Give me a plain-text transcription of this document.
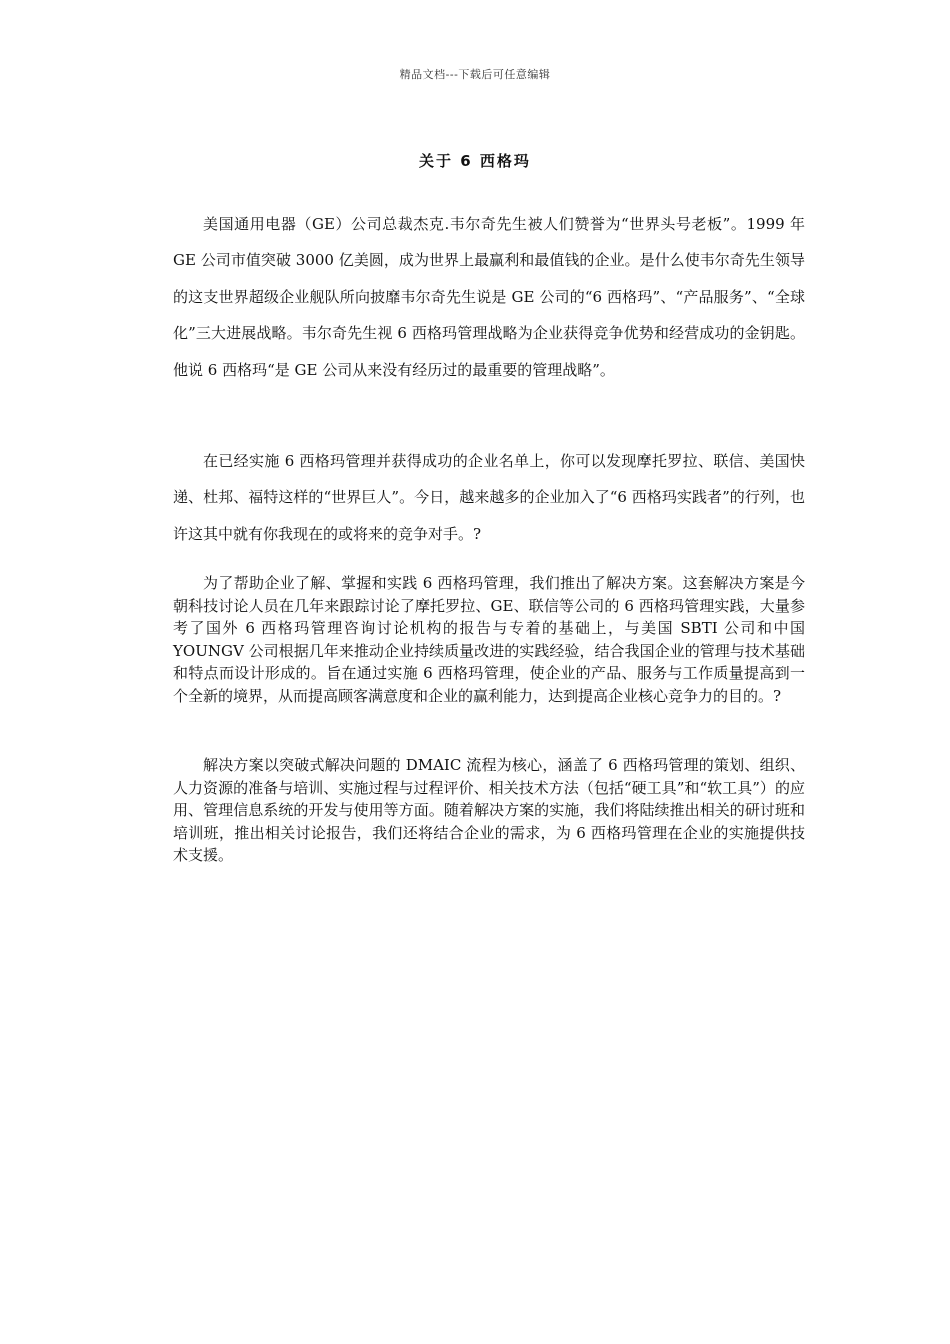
精品文档---下载后可任意编辑
关于 6 西格玛

美国通用电器（GE）公司总裁杰克.韦尔奇先生被人们赞誉为“世界头号老板”。1999 年 GE 公司市值突破 3000 亿美圆，成为世界上最赢利和最值钱的企业。是什么使韦尔奇先生领导的这支世界超级企业舰队所向披靡韦尔奇先生说是 GE 公司的“6 西格玛”、“产品服务”、“全球化”三大进展战略。韦尔奇先生视 6 西格玛管理战略为企业获得竞争优势和经营成功的金钥匙。他说 6 西格玛“是 GE 公司从来没有经历过的最重要的管理战略”。

在已经实施 6 西格玛管理并获得成功的企业名单上，你可以发现摩托罗拉、联信、美国快递、杜邦、福特这样的“世界巨人”。今日，越来越多的企业加入了“6 西格玛实践者”的行列，也许这其中就有你我现在的或将来的竞争对手。?

为了帮助企业了解、掌握和实践 6 西格玛管理，我们推出了解决方案。这套解决方案是今朝科技讨论人员在几年来跟踪讨论了摩托罗拉、GE、联信等公司的 6 西格玛管理实践，大量参考了国外 6 西格玛管理咨询讨论机构的报告与专着的基础上，与美国 SBTI 公司和中国 YOUNGV 公司根据几年来推动企业持续质量改进的实践经验，结合我国企业的管理与技术基础和特点而设计形成的。旨在通过实施 6 西格玛管理，使企业的产品、服务与工作质量提高到一个全新的境界，从而提高顾客满意度和企业的赢利能力，达到提高企业核心竞争力的目的。?

解决方案以突破式解决问题的 DMAIC 流程为核心，涵盖了 6 西格玛管理的策划、组织、人力资源的准备与培训、实施过程与过程评价、相关技术方法（包括“硬工具”和“软工具”）的应用、管理信息系统的开发与使用等方面。随着解决方案的实施，我们将陆续推出相关的研讨班和培训班，推出相关讨论报告，我们还将结合企业的需求，为 6 西格玛管理在企业的实施提供技术支援。
